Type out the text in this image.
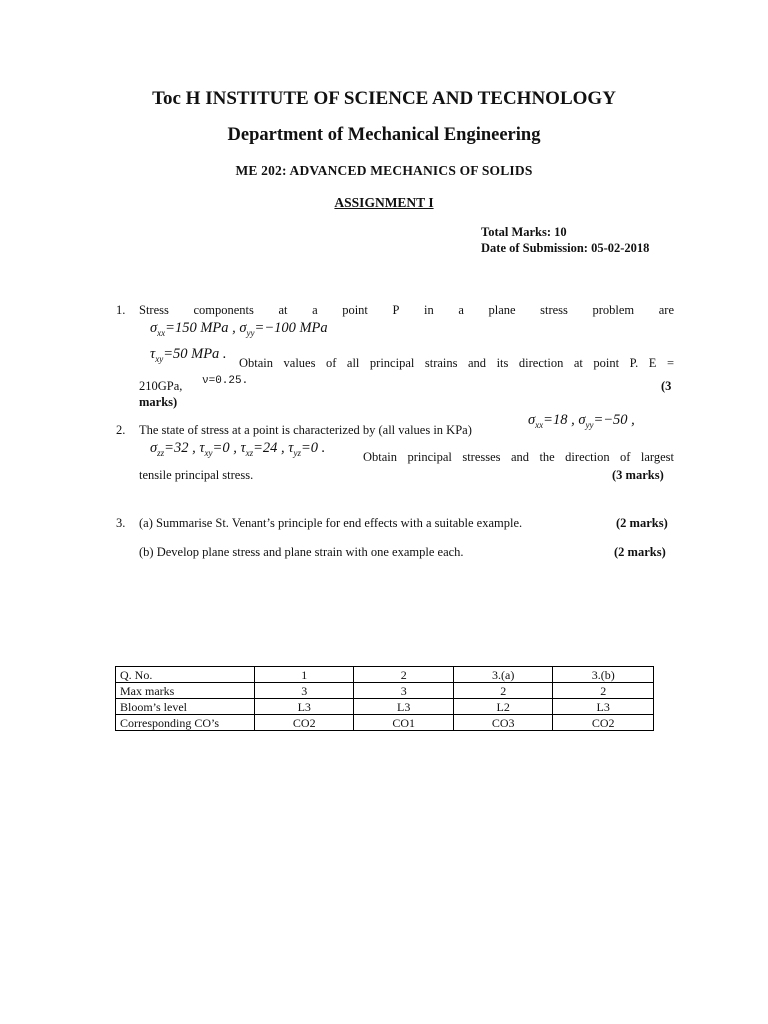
Toc H INSTITUTE OF SCIENCE AND TECHNOLOGY
Department of Mechanical Engineering
ME 202: ADVANCED MECHANICS OF SOLIDS
ASSIGNMENT I
Total Marks: 10
Date of Submission: 05-02-2018
1. Stress components at a point P in a plane stress problem are
$\sigma_{xx}=150$ MPa , $\sigma_{yy}=-100$ MPa
$\tau_{xy}=50$ MPa .
Obtain values of all principal strains and its direction at point P. E =
210GPa, ν=0.25.	(3
marks)
2. The state of stress at a point is characterized by (all values in KPa)
$\sigma_{xx}=18$ , $\sigma_{yy}=-50$ ,
$\sigma_{zz}=32$ , $\tau_{xy}=0$ , $\tau_{xz}=24$ , $\tau_{yz}=0$ .
Obtain principal stresses and the direction of largest
tensile principal stress.	(3 marks)
3. (a) Summarise St. Venant’s principle for end effects with a suitable example.	(2 marks)
(b) Develop plane stress and plane strain with one example each.	(2 marks)
Q. No.	1	2	3.(a)	3.(b)
Max marks	3	3	2	2
Bloom’s level	L3	L3	L2	L3
Corresponding CO’s	CO2	CO1	CO3	CO2
